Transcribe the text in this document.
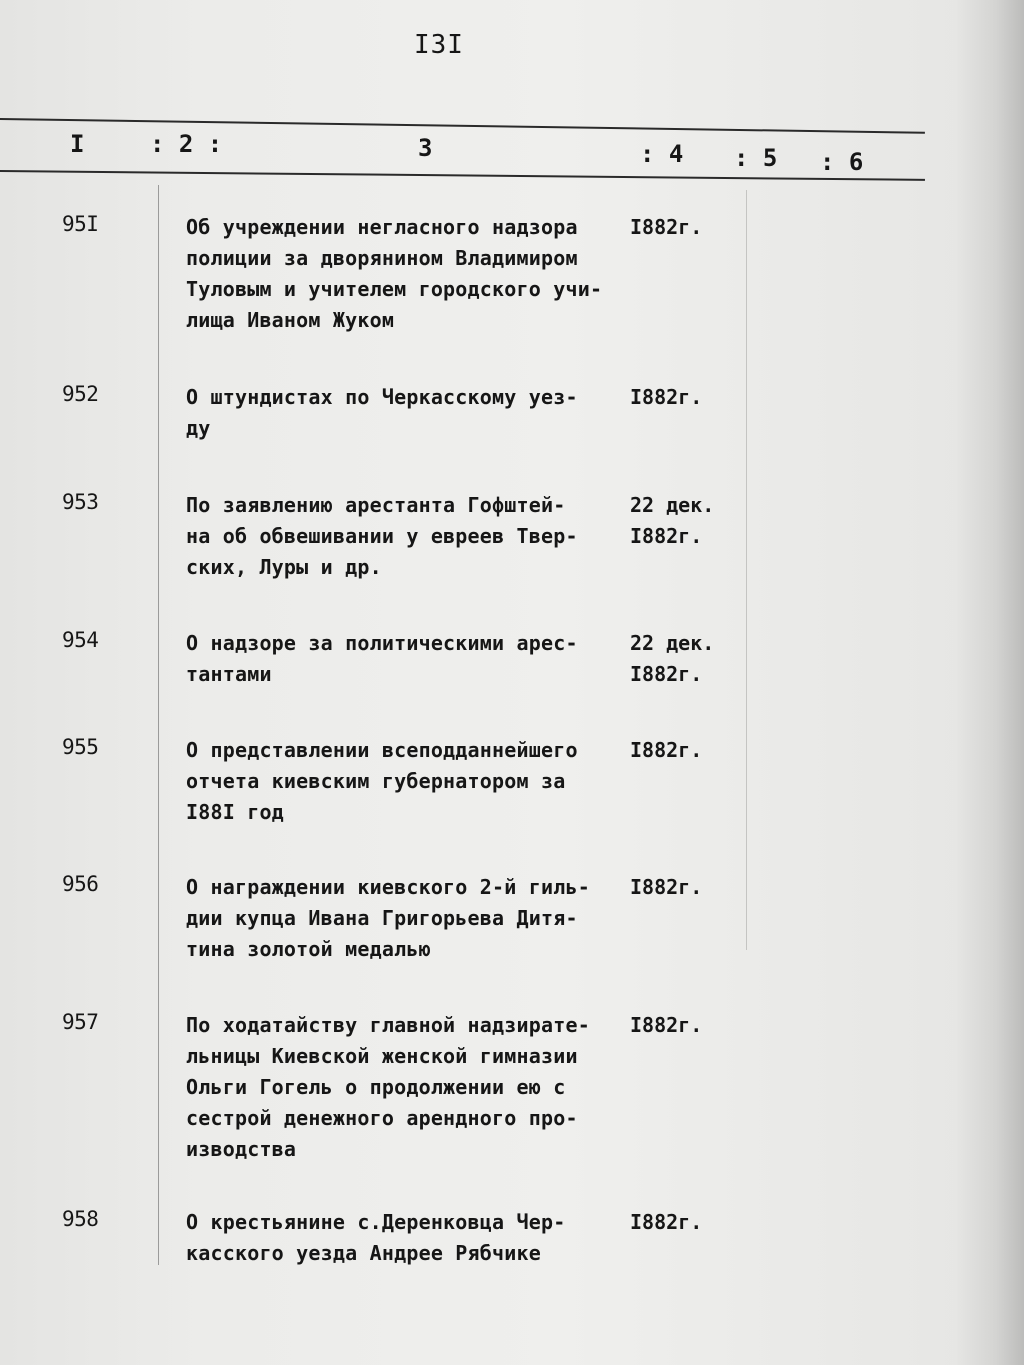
I3I
I	: 2 :	3	: 4 : 5 : 6
95I	Об учреждении негласного надзора
полиции за дворянином Владимиром
Туловым и учителем городского учи-
лища Иваном Жуком
I882г.
952	О штундистах по Черкасскому уез-
ду
I882г.
953	По заявлению арестанта Гофштей-
на об обвешивании у евреев Твер-
ских, Луры и др.
22 дек.
I882г.
954	О надзоре за политическими арес-
тантами
22 дек.
I882г.
955	О представлении всеподданнейшего
отчета киевским губернатором за
I88I год
I882г.
956	О награждении киевского 2-й гиль-
дии купца Ивана Григорьева Дитя-
тина золотой медалью
I882г.
957	По ходатайству главной надзирате-
льницы Киевской женской гимназии
Ольги Гогель о продолжении ею с
сестрой денежного арендного про-
изводства
I882г.
958	О крестьянине с.Деренковца Чер-
касского уезда Андрее Рябчике
I882г.
